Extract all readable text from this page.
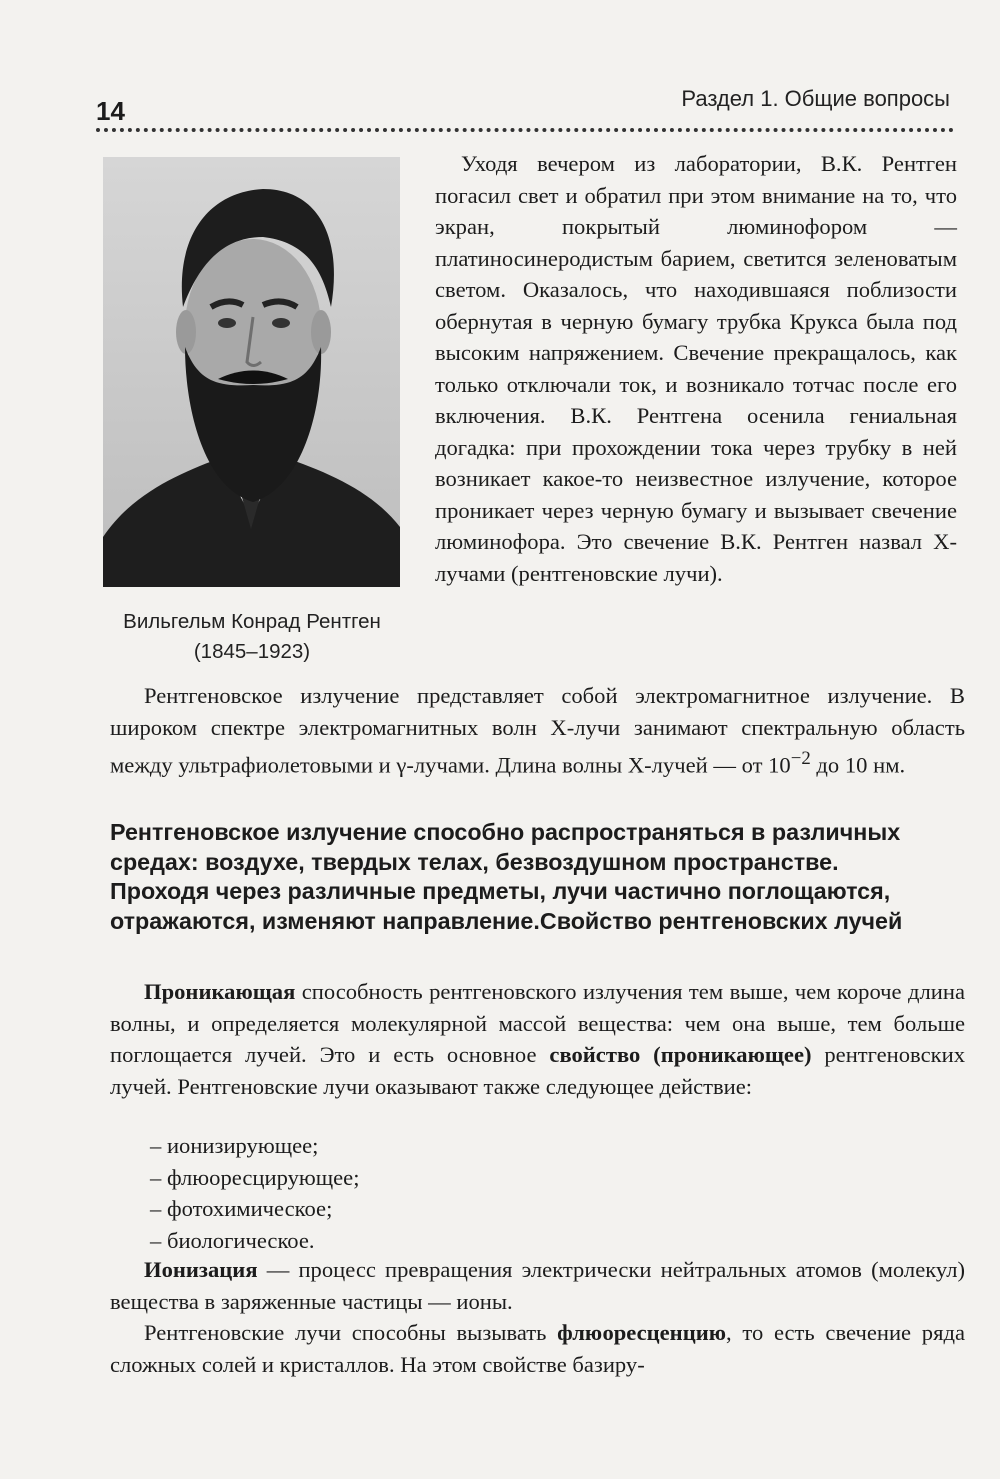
14	Раздел 1. Общие вопросы
Вильгельм Конрад Рентген
(1845–1923)

Уходя вечером из лаборатории, В.К. Рентген погасил свет и обратил при этом внимание на то, что экран, покрытый люминофором — платиносинеродистым барием, светится зеленоватым светом. Оказалось, что находившаяся поблизости обернутая в черную бумагу трубка Крукса была под высоким напряжением. Свечение прекращалось, как только отключали ток, и возникало тотчас после его включения. В.К. Рентгена осенила гениальная догадка: при прохождении тока через трубку в ней возникает какое-то неизвестное излучение, которое проникает через черную бумагу и вызывает свечение люминофора. Это свечение В.К. Рентген назвал X-лучами (рентгеновские лучи).

Рентгеновское излучение представляет собой электромагнитное излучение. В широком спектре электромагнитных волн X-лучи занимают спектральную область между ультрафиолетовыми и γ-лучами. Длина волны X-лучей — от $10^{-2}$ до 10 нм.

Рентгеновское излучение способно распространяться в различных средах: воздухе, твердых телах, безвоздушном пространстве. Проходя через различные предметы, лучи частично поглощаются, отражаются, изменяют направление.Свойство рентгеновских лучей

Проникающая способность рентгеновского излучения тем выше, чем короче длина волны, и определяется молекулярной массой вещества: чем она выше, тем больше поглощается лучей. Это и есть основное свойство (проникающее) рентгеновских лучей. Рентгеновские лучи оказывают также следующее действие:

– ионизирующее;
– флюоресцирующее;
– фотохимическое;
– биологическое.

Ионизация — процесс превращения электрически нейтральных атомов (молекул) вещества в заряженные частицы — ионы.

Рентгеновские лучи способны вызывать флюоресценцию, то есть свечение ряда сложных солей и кристаллов. На этом свойстве базиру-
